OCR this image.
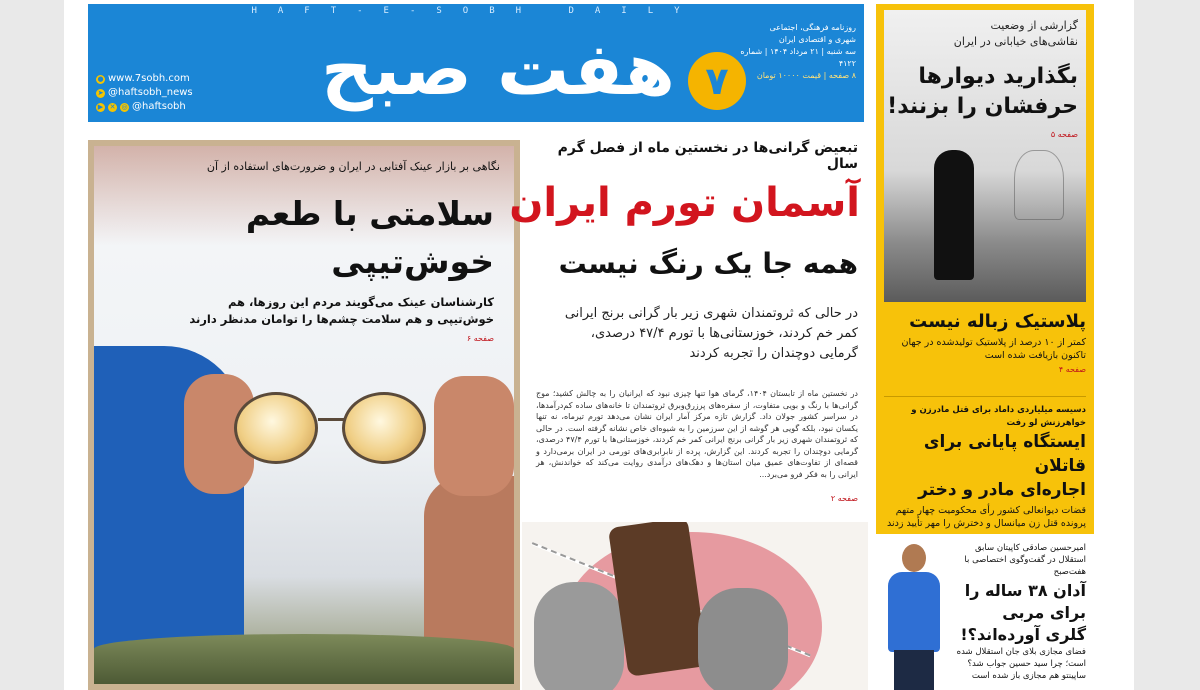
HAFT-E-SOBH DAILY
هفت صبح ۷
روزنامه فرهنگی، اجتماعی
شهری و اقتصادی ایران
سه شنبه | ۲۱ مرداد ۱۴۰۴ | شماره ۴۱۲۲
۸ صفحه | قیمت ۱۰۰۰۰ تومان
● www.7sobh.com
➤ @haftsobh_news
▶ ✕ ◎ @haftsobh
نگاهی بر بازار عینک آفتابی در ایران و ضرورت‌های استفاده از آن
سلامتی با طعم
خوش‌تیپی
کارشناسان عینک می‌گویند مردم این روزها، هم خوش‌تیپی و هم سلامت چشم‌ها را توامان مدنظر دارند
صفحه ۶
تبعیض گرانی‌ها در نخستین ماه از فصل گرم سال
آسمان تورم ایران
همه جا یک رنگ نیست
در حالی که ثروتمندان شهری زیر بار گرانی برنج ایرانی کمر خم کردند، خوزستانی‌ها با تورم ۴۷/۴ درصدی، گرمایی دوچندان را تجربه کردند
در نخستین ماه از تابستان ۱۴۰۴، گرمای هوا تنها چیزی نبود که ایرانیان را به چالش کشید؛ موج گرانی‌ها با رنگ و بویی متفاوت، از سفره‌های پرزرق‌وبرق ثروتمندان تا خانه‌های ساده کم‌درآمدها، در سراسر کشور جولان داد. گزارش تازه مرکز آمار ایران نشان می‌دهد تورم تیرماه، نه تنها یکسان نبود، بلکه گویی هر گوشه از این سرزمین را به شیوه‌ای خاص نشانه گرفته است. در حالی که ثروتمندان شهری زیر بار گرانی برنج ایرانی کمر خم کردند، خوزستانی‌ها با تورم ۴۷/۴ درصدی، گرمایی دوچندان را تجربه کردند. این گزارش، پرده از نابرابری‌های تورمی در ایران برمی‌دارد و قصه‌ای از تفاوت‌های عمیق میان استان‌ها و دهک‌های درآمدی روایت می‌کند که خواندنش، هر ایرانی را به فکر فرو می‌برد...
صفحه ۲
گزارشی از وضعیت
نقاشی‌های خیابانی در ایران
بگذارید دیوارها
حرفشان را بزنند!
صفحه ۵
پلاستیک زباله نیست
کمتر از ۱۰ درصد از پلاستیک تولیدشده در جهان تاکنون بازیافت شده است
صفحه ۴
دسیسه میلیاردی داماد برای قتل مادرزن و خواهرزنش لو رفت
ایستگاه پایانی برای قاتلان
اجاره‌ای مادر و دختر
قضات دیوانعالی کشور رأی محکومیت چهار متهم پرونده قتل زن میانسال و دخترش را مهر تأیید زدند
امیرحسین صادقی کاپیتان سابق استقلال در گفت‌وگوی اختصاصی با هفت‌صبح
آدان ۳۸ ساله را
برای مربی
گلری آورده‌اند؟!
فضای مجازی بلای جان استقلال شده است؛ چرا سید حسین جواب شد؟ ساپینتو هم مجازی باز شده است
